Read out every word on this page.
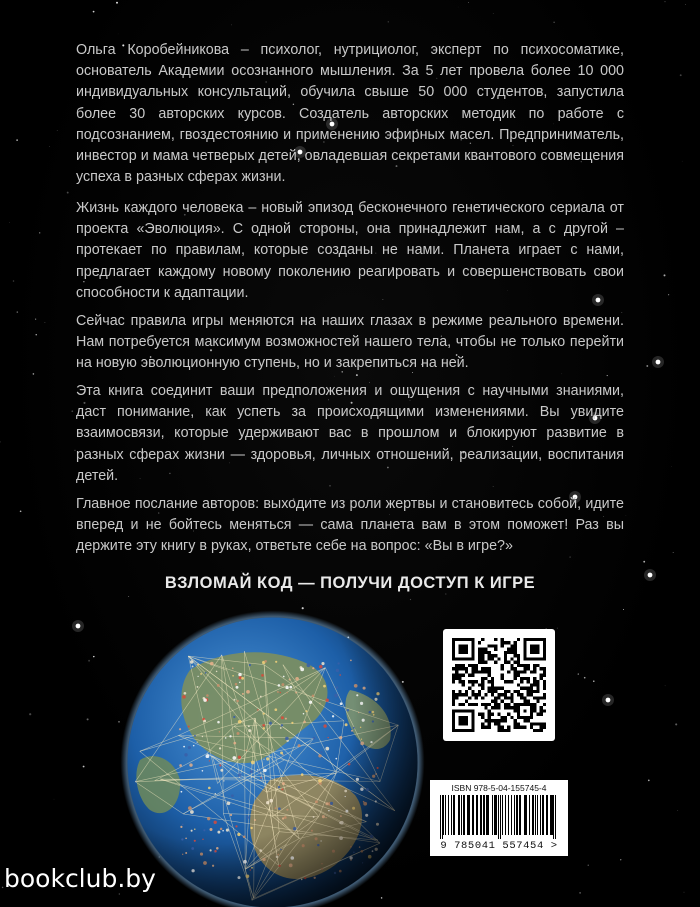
Ольга Коробейникова – психолог, нутрициолог, эксперт по психосоматике, основатель Академии осознанного мышления. За 5 лет провела более 10 000 индивидуальных консультаций, обучила свыше 50 000 студентов, запустила более 30 авторских курсов. Создатель авторских методик по работе с подсознанием, гвоздестоянию и применению эфирных масел. Предприниматель, инвестор и мама четверых детей, овладевшая секретами квантового совмещения успеха в разных сферах жизни.

Жизнь каждого человека – новый эпизод бесконечного генетического сериала от проекта «Эволюция». С одной стороны, она принадлежит нам, а с другой – протекает по правилам, которые созданы не нами. Планета играет с нами, предлагает каждому новому поколению реагировать и совершенствовать свои способности к адаптации.

Сейчас правила игры меняются на наших глазах в режиме реального времени. Нам потребуется максимум возможностей нашего тела, чтобы не только перейти на новую эволюционную ступень, но и закрепиться на ней.

Эта книга соединит ваши предположения и ощущения с научными знаниями, даст понимание, как успеть за происходящими изменениями. Вы увидите взаимосвязи, которые удерживают вас в прошлом и блокируют развитие в разных сферах жизни — здоровья, личных отношений, реализации, воспитания детей.

Главное послание авторов: выходите из роли жертвы и становитесь собой, идите вперед и не бойтесь меняться — сама планета вам в этом поможет! Раз вы держите эту книгу в руках, ответьте себе на вопрос: «Вы в игре?»

ВЗЛОМАЙ КОД — ПОЛУЧИ ДОСТУП К ИГРЕ
ISBN 978-5-04-155745-4
9 785041 557454 >
bookclub.by
